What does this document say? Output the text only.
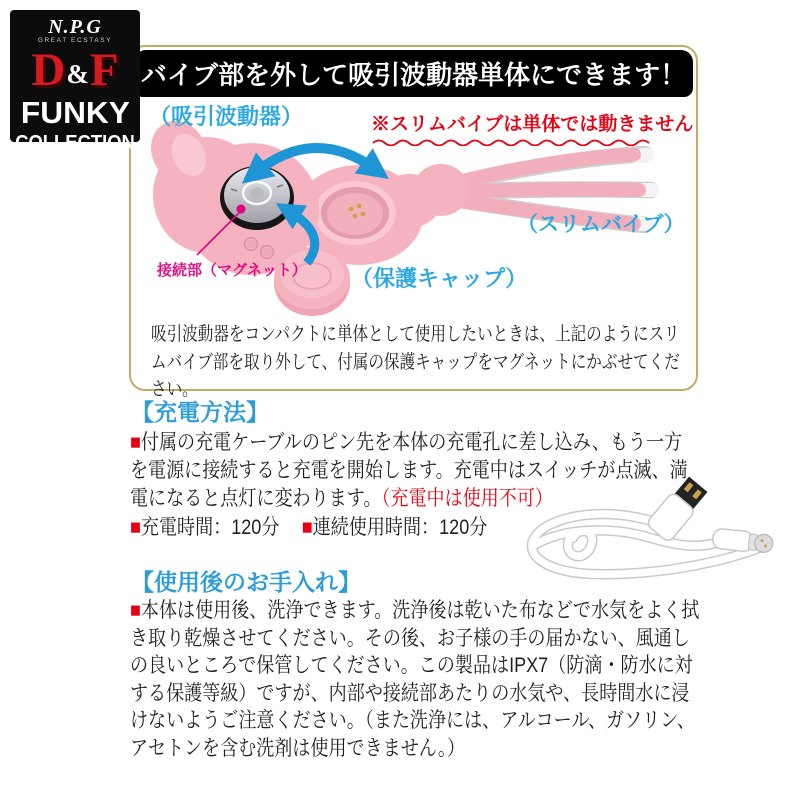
N.P.G
GREAT ECSTASY
D & F
FUNKY
COLLECTION
バイブ部を外して吸引波動器単体にできます！
（吸引波動器）	※スリムバイブは単体では動きません
（スリムバイブ）
（保護キャップ）
接続部（マグネット）
吸引波動器をコンパクトに単体として使用したいときは、上記のようにスリムバイブ部を取り外して、付属の保護キャップをマグネットにかぶせてください。
【充電方法】
■付属の充電ケーブルのピン先を本体の充電孔に差し込み、もう一方を電源に接続すると充電を開始します。充電中はスイッチが点滅、満電になると点灯に変わります。（充電中は使用不可）
■充電時間：120分 ■連続使用時間：120分
【使用後のお手入れ】
■本体は使用後、洗浄できます。洗浄後は乾いた布などで水気をよく拭き取り乾燥させてください。その後、お子様の手の届かない、風通しの良いところで保管してください。この製品はIPX7（防滴・防水に対する保護等級）ですが、内部や接続部あたりの水気や、長時間水に浸けないようご注意ください。（また洗浄には、アルコール、ガソリン、アセトンを含む洗剤は使用できません。）
